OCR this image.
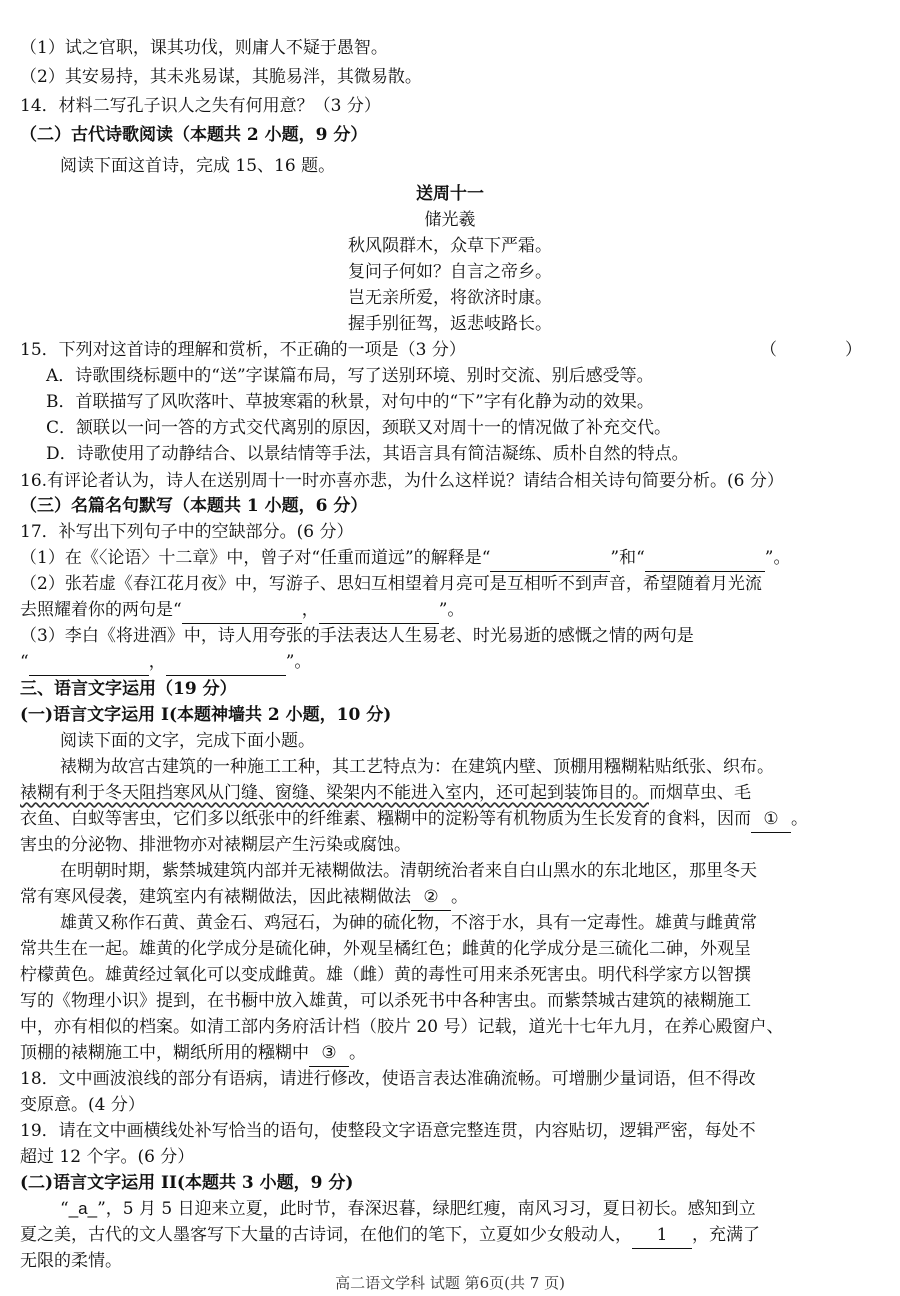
（1）试之官职，课其功伐，则庸人不疑于愚智。
（2）其安易持，其未兆易谋，其脆易泮，其微易散。
14．材料二写孔子识人之失有何用意？（3 分）
（二）古代诗歌阅读（本题共 2 小题，9 分）
阅读下面这首诗，完成 15、16 题。
送周十一
储光羲
秋风陨群木，众草下严霜。
复问子何如？自言之帝乡。
岂无亲所爱，将欲济时康。
握手别征驾，返悲岐路长。
15．下列对这首诗的理解和赏析，不正确的一项是（3 分）	（　　　　）
A．诗歌围绕标题中的“送”字谋篇布局，写了送别环境、别时交流、别后感受等。
B．首联描写了风吹落叶、草披寒霜的秋景，对句中的“下”字有化静为动的效果。
C．颔联以一问一答的方式交代离别的原因，颈联又对周十一的情况做了补充交代。
D．诗歌使用了动静结合、以景结情等手法，其语言具有简洁凝练、质朴自然的特点。
16.有评论者认为，诗人在送别周十一时亦喜亦悲，为什么这样说？请结合相关诗句简要分析。(6 分）
（三）名篇名句默写（本题共 1 小题，6 分）
17．补写出下列句子中的空缺部分。(6 分）
（1）在《〈论语〉十二章》中，曾子对“任重而道远”的解释是“	”和“	”。
（2）张若虚《春江花月夜》中，写游子、思妇互相望着月亮可是互相听不到声音，希望随着月光流
去照耀着你的两句是“	，	”。
（3）李白《将进酒》中，诗人用夸张的手法表达人生易老、时光易逝的感慨之情的两句是
“	，	”。
三、语言文字运用（19 分）
(一)语言文字运用 I(本题神墙共 2 小题，10 分)
阅读下面的文字，完成下面小题。
裱糊为故宫古建筑的一种施工工种，其工艺特点为：在建筑内壁、顶棚用糨糊粘贴纸张、织布。
裱糊有利于冬天阻挡寒风从门缝、窗缝、梁架内不能进入室内，还可起到装饰目的。而烟草虫、毛
衣鱼、白蚁等害虫，它们多以纸张中的纤维素、糨糊中的淀粉等有机物质为生长发育的食料，因而 ① 。
害虫的分泌物、排泄物亦对裱糊层产生污染或腐蚀。
在明朝时期，紫禁城建筑内部并无裱糊做法。清朝统治者来自白山黑水的东北地区，那里冬天
常有寒风侵袭，建筑室内有裱糊做法，因此裱糊做法 ② 。
雄黄又称作石黄、黄金石、鸡冠石，为砷的硫化物，不溶于水，具有一定毒性。雄黄与雌黄常
常共生在一起。雄黄的化学成分是硫化砷，外观呈橘红色；雌黄的化学成分是三硫化二砷，外观呈
柠檬黄色。雄黄经过氧化可以变成雌黄。雄（雌）黄的毒性可用来杀死害虫。明代科学家方以智撰
写的《物理小识》提到，在书橱中放入雄黄，可以杀死书中各种害虫。而紫禁城古建筑的裱糊施工
中，亦有相似的档案。如清工部内务府活计档（胶片 20 号）记载，道光十七年九月，在养心殿窗户、
顶棚的裱糊施工中，糊纸所用的糨糊中 ③ 。
18．文中画波浪线的部分有语病，请进行修改，使语言表达准确流畅。可增删少量词语，但不得改
变原意。(4 分）
19．请在文中画横线处补写恰当的语句，使整段文字语意完整连贯，内容贴切，逻辑严密，每处不
超过 12 个字。(6 分）
(二)语言文字运用 II(本题共 3 小题，9 分)
“_a_”，5 月 5 日迎来立夏，此时节，春深迟暮，绿肥红瘦，南风习习，夏日初长。感知到立
夏之美，古代的文人墨客写下大量的古诗词，在他们的笔下，立夏如少女般动人， 1 ，充满了
无限的柔情。
高二语文学科 试题 第6页(共 7 页)
